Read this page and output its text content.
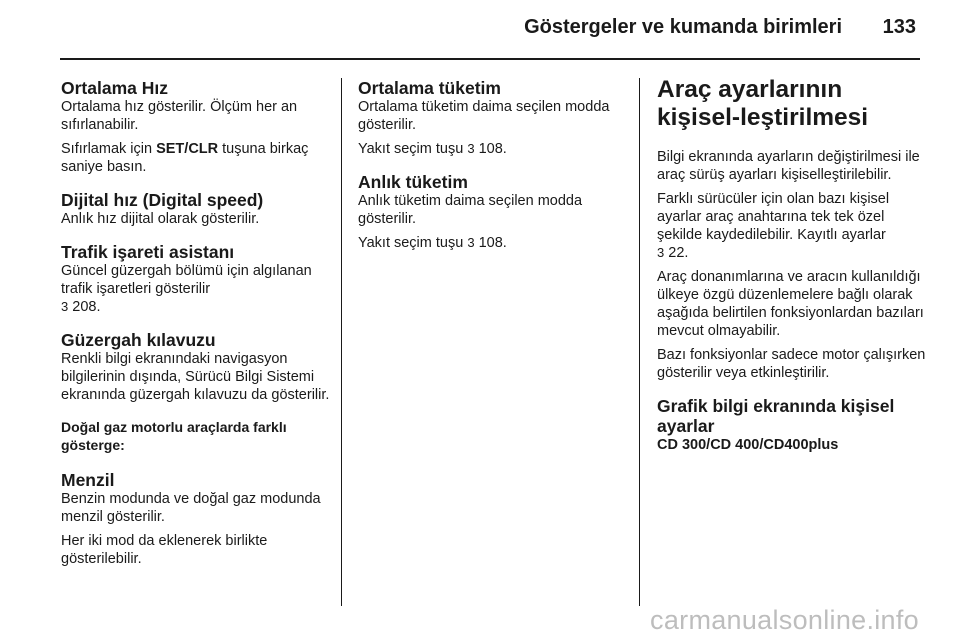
Göstergeler ve kumanda birimleri 133
Ortalama Hız

Ortalama hız gösterilir. Ölçüm her an sıfırlanabilir.

Sıfırlamak için SET/CLR tuşuna birkaç saniye basın.

Dijital hız (Digital speed)

Anlık hız dijital olarak gösterilir.

Trafik işareti asistanı

Güncel güzergah bölümü için algılanan trafik işaretleri gösterilir
3 208.

Güzergah kılavuzu

Renkli bilgi ekranındaki navigasyon bilgilerinin dışında, Sürücü Bilgi Sistemi ekranında güzergah kılavuzu da gösterilir.

Doğal gaz motorlu araçlarda farklı gösterge:
Menzil

Benzin modunda ve doğal gaz modunda menzil gösterilir.

Her iki mod da eklenerek birlikte gösterilebilir.

Ortalama tüketim

Ortalama tüketim daima seçilen modda gösterilir.

Yakıt seçim tuşu 3 108.

Anlık tüketim

Anlık tüketim daima seçilen modda gösterilir.

Yakıt seçim tuşu 3 108.

Araç ayarlarının kişisel-leştirilmesi

Bilgi ekranında ayarların değiştirilmesi ile araç sürüş ayarları kişiselleştirilebilir.

Farklı sürücüler için olan bazı kişisel ayarlar araç anahtarına tek tek özel şekilde kaydedilebilir. Kayıtlı ayarlar
3 22.

Araç donanımlarına ve aracın kullanıldığı ülkeye özgü düzenlemelere bağlı olarak aşağıda belirtilen fonksiyonlardan bazıları mevcut olmayabilir.

Bazı fonksiyonlar sadece motor çalışırken gösterilir veya etkinleştirilir.

Grafik bilgi ekranında kişisel ayarlar
CD 300/CD 400/CD400plus
carmanualsonline.info
